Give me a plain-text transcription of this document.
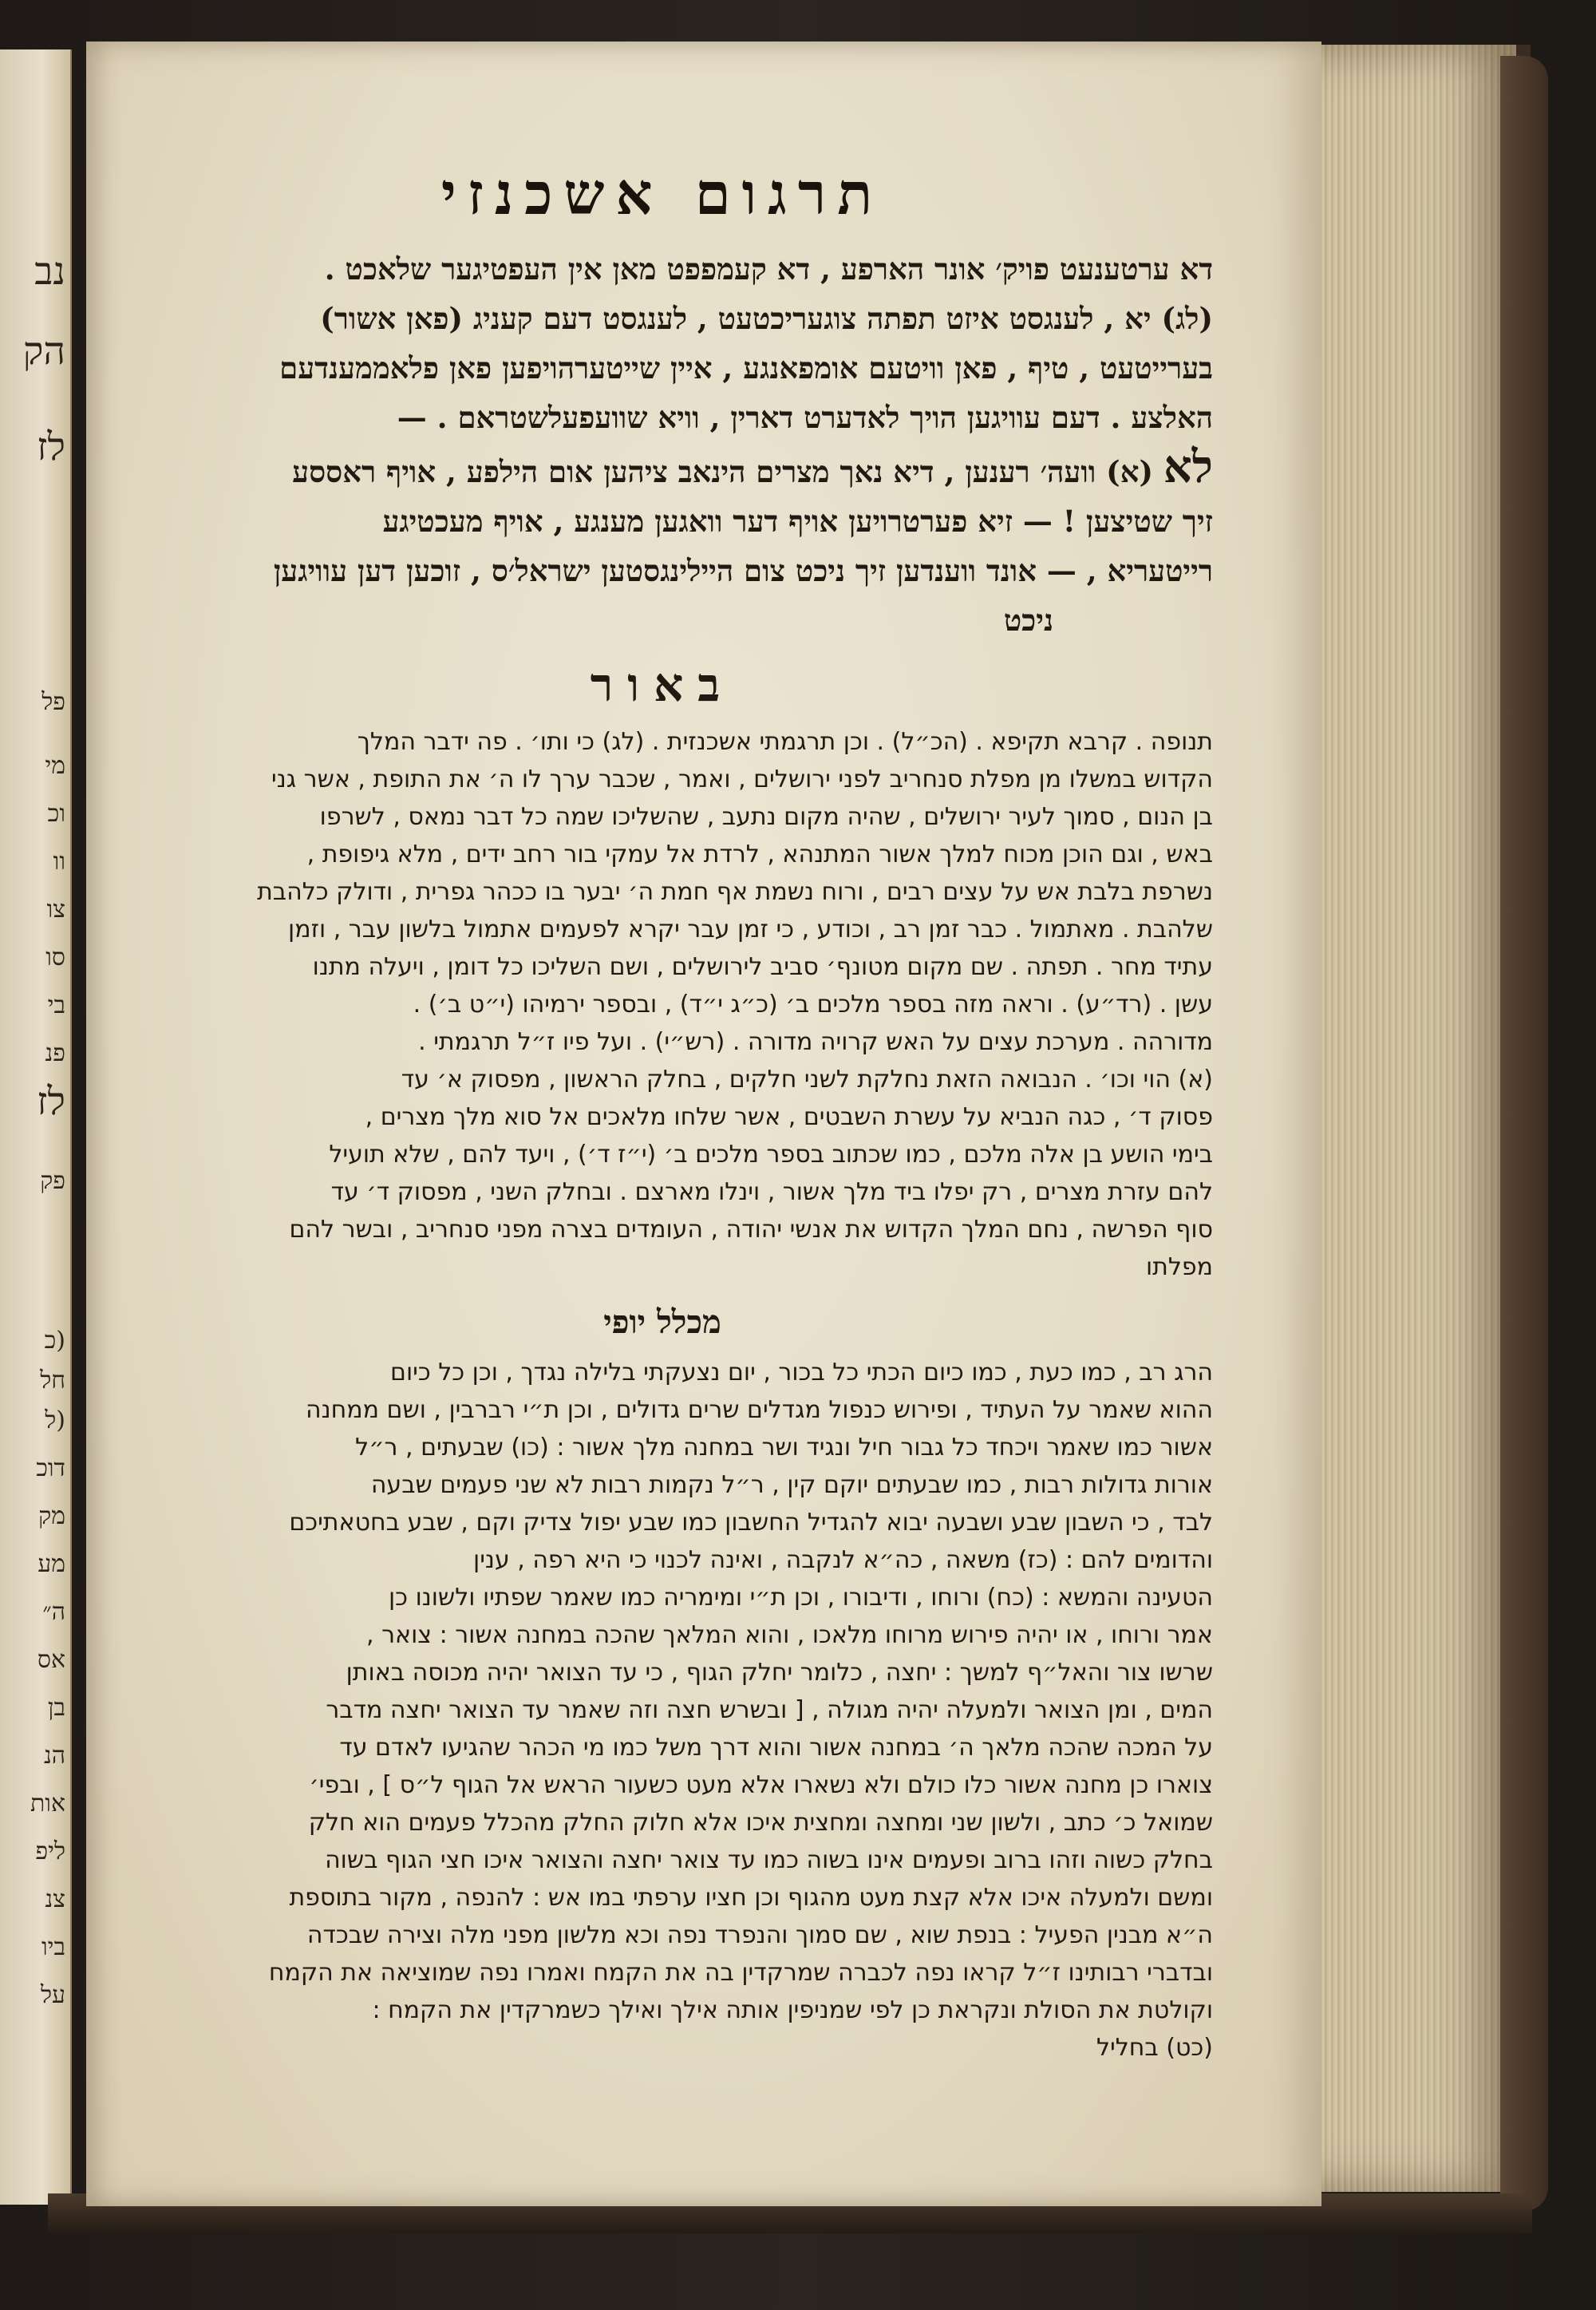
נב
הק
לז
פל
מי
וכ
וו
צו
סו
בי
פנ
לז
פק
(כ
חל
(ל
דוכ
מק
מע
ה״
אס
בן
הנ
אות
ליפ
צנ
ביו
על
תרגום אשכנזי

דא ערטענעט פויק׳ אונר הארפע , דא קעמפפט מאן אין העפטיגער שלאכט .

(לג) יא , לענגסט איזט תפתה צוגעריכטעט , לענגסט דעם קעניג (פאן אשור)

בערייטעט , טיף , פאן וויטעם אומפאנגע , איין שייטערהויפען פאן פלאממענדעם

האלצע . דעם עוויגען הויך לאדערט דארין , וויא שוועפעלשטראם . —

לא (א) וועה׳ רענען , דיא נאך מצרים הינאב ציהען אום הילפע , אויף ראססע

זיך שטיצען ! — זיא פערטרויען אויף דער וואגען מענגע , אויף מעכטיגע

רייטעריא , — אונד ווענדען זיך ניכט צום היילינגסטען ישראל׳ס , זוכען דען עוויגען

ניכט

באור

תנופה . קרבא תקיפא . (הכ״ל) . וכן תרגמתי אשכנזית . (לג) כי ותו׳ . פה ידבר המלך

הקדוש במשלו מן מפלת סנחריב לפני ירושלים , ואמר , שכבר ערך לו ה׳ את התופת , אשר גני

בן הנום , סמוך לעיר ירושלים , שהיה מקום נתעב , שהשליכו שמה כל דבר נמאס , לשרפו

באש , וגם הוכן מכוח למלך אשור המתנהא , לרדת אל עמקי בור רחב ידים , מלא גיפופת ,

נשרפת בלבת אש על עצים רבים , ורוח נשמת אף חמת ה׳ יבער בו ככהר גפרית , ודולק כלהבת

שלהבת . מאתמול . כבר זמן רב , וכודע , כי זמן עבר יקרא לפעמים אתמול בלשון עבר , וזמן

עתיד מחר . תפתה . שם מקום מטונף׳ סביב לירושלים , ושם השליכו כל דומן , ויעלה מתנו

עשן . (רד״ע) . וראה מזה בספר מלכים ב׳ (כ״ג י״ד) , ובספר ירמיהו (י״ט ב׳) .

מדורהה . מערכת עצים על האש קרויה מדורה . (רש״י) . ועל פיו ז״ל תרגמתי .

(א) הוי וכו׳ . הנבואה הזאת נחלקת לשני חלקים , בחלק הראשון , מפסוק א׳ עד

פסוק ד׳ , כגה הנביא על עשרת השבטים , אשר שלחו מלאכים אל סוא מלך מצרים ,

בימי הושע בן אלה מלכם , כמו שכתוב בספר מלכים ב׳ (י״ז ד׳) , ויעד להם , שלא תועיל

להם עזרת מצרים , רק יפלו ביד מלך אשור , וינלו מארצם . ובחלק השני , מפסוק ד׳ עד

סוף הפרשה , נחם המלך הקדוש את אנשי יהודה , העומדים בצרה מפני סנחריב , ובשר להם

מפלתו

מכלל יופי

הרג רב , כמו כעת , כמו כיום הכתי כל בכור , יום נצעקתי בלילה נגדך , וכן כל כיום

ההוא שאמר על העתיד , ופירוש כנפול מגדלים שרים גדולים , וכן ת״י רברבין , ושם ממחנה

אשור כמו שאמר ויכחד כל גבור חיל ונגיד ושר במחנה מלך אשור : (כו) שבעתים , ר״ל

אורות גדולות רבות , כמו שבעתים יוקם קין , ר״ל נקמות רבות לא שני פעמים שבעה

לבד , כי השבון שבע ושבעה יבוא להגדיל החשבון כמו שבע יפול צדיק וקם , שבע בחטאתיכם

והדומים להם : (כז) משאה , כה״א לנקבה , ואינה לכנוי כי היא רפה , ענין

הטעינה והמשא : (כח) ורוחו , ודיבורו , וכן ת״י ומימריה כמו שאמר שפתיו ולשונו כן

אמר ורוחו , או יהיה פירוש מרוחו מלאכו , והוא המלאך שהכה במחנה אשור : צואר ,

שרשו צור והאל״ף למשך : יחצה , כלומר יחלק הגוף , כי עד הצואר יהיה מכוסה באותן

המים , ומן הצואר ולמעלה יהיה מגולה , [ ובשרש חצה וזה שאמר עד הצואר יחצה מדבר

על המכה שהכה מלאך ה׳ במחנה אשור והוא דרך משל כמו מי הכהר שהגיעו לאדם עד

צוארו כן מחנה אשור כלו כולם ולא נשארו אלא מעט כשעור הראש אל הגוף ל״ס ] , ובפי׳

שמואל כ׳ כתב , ולשון שני ומחצה ומחצית איכו אלא חלוק החלק מהכלל פעמים הוא חלק

בחלק כשוה וזהו ברוב ופעמים אינו בשוה כמו עד צואר יחצה והצואר איכו חצי הגוף בשוה

ומשם ולמעלה איכו אלא קצת מעט מהגוף וכן חציו ערפתי במו אש : להנפה , מקור בתוספת

ה״א מבנין הפעיל : בנפת שוא , שם סמוך והנפרד נפה וכא מלשון מפני מלה וצירה שבכדה

ובדברי רבותינו ז״ל קראו נפה לכברה שמרקדין בה את הקמח ואמרו נפה שמוציאה את הקמח

וקולטת את הסולת ונקראת כן לפי שמניפין אותה אילך ואילך כשמרקדין את הקמח :

(כט) בחליל
